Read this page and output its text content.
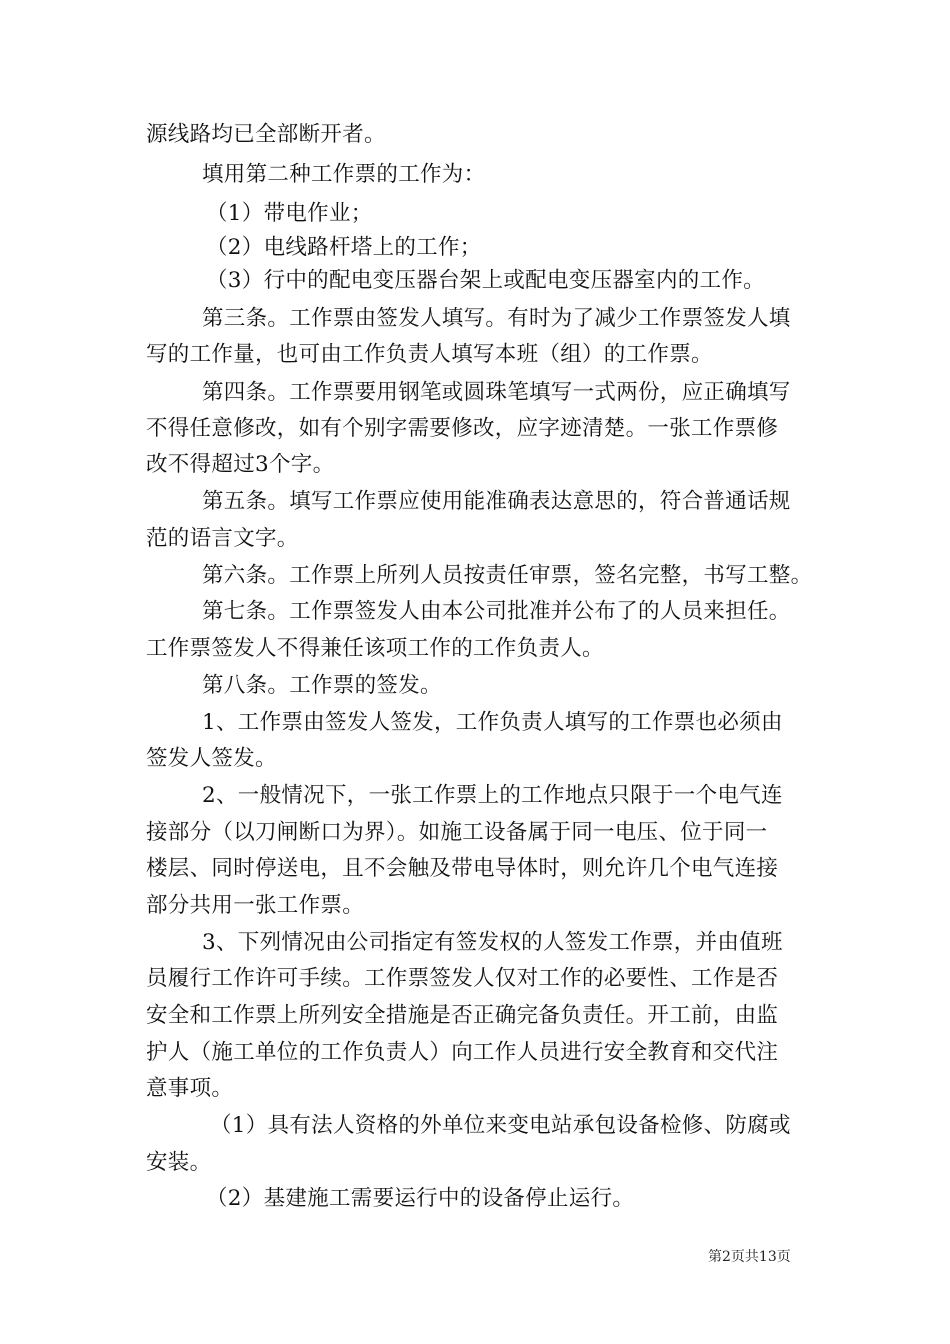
源线路均已全部断开者。
填用第二种工作票的工作为：
（1）带电作业；
（2）电线路杆塔上的工作；
（3）行中的配电变压器台架上或配电变压器室内的工作。
第三条。工作票由签发人填写。有时为了减少工作票签发人填
写的工作量，也可由工作负责人填写本班（组）的工作票。
第四条。工作票要用钢笔或圆珠笔填写一式两份，应正确填写
不得任意修改，如有个别字需要修改，应字迹清楚。一张工作票修
改不得超过3个字。
第五条。填写工作票应使用能准确表达意思的，符合普通话规
范的语言文字。
第六条。工作票上所列人员按责任审票，签名完整，书写工整。
第七条。工作票签发人由本公司批准并公布了的人员来担任。
工作票签发人不得兼任该项工作的工作负责人。
第八条。工作票的签发。
1、工作票由签发人签发，工作负责人填写的工作票也必须由
签发人签发。
2、一般情况下，一张工作票上的工作地点只限于一个电气连
接部分（以刀闸断口为界）。如施工设备属于同一电压、位于同一
楼层、同时停送电，且不会触及带电导体时，则允许几个电气连接
部分共用一张工作票。
3、下列情况由公司指定有签发权的人签发工作票，并由值班
员履行工作许可手续。工作票签发人仅对工作的必要性、工作是否
安全和工作票上所列安全措施是否正确完备负责任。开工前，由监
护人（施工单位的工作负责人）向工作人员进行安全教育和交代注
意事项。
（1）具有法人资格的外单位来变电站承包设备检修、防腐或
安装。
（2）基建施工需要运行中的设备停止运行。
第2页共13页
